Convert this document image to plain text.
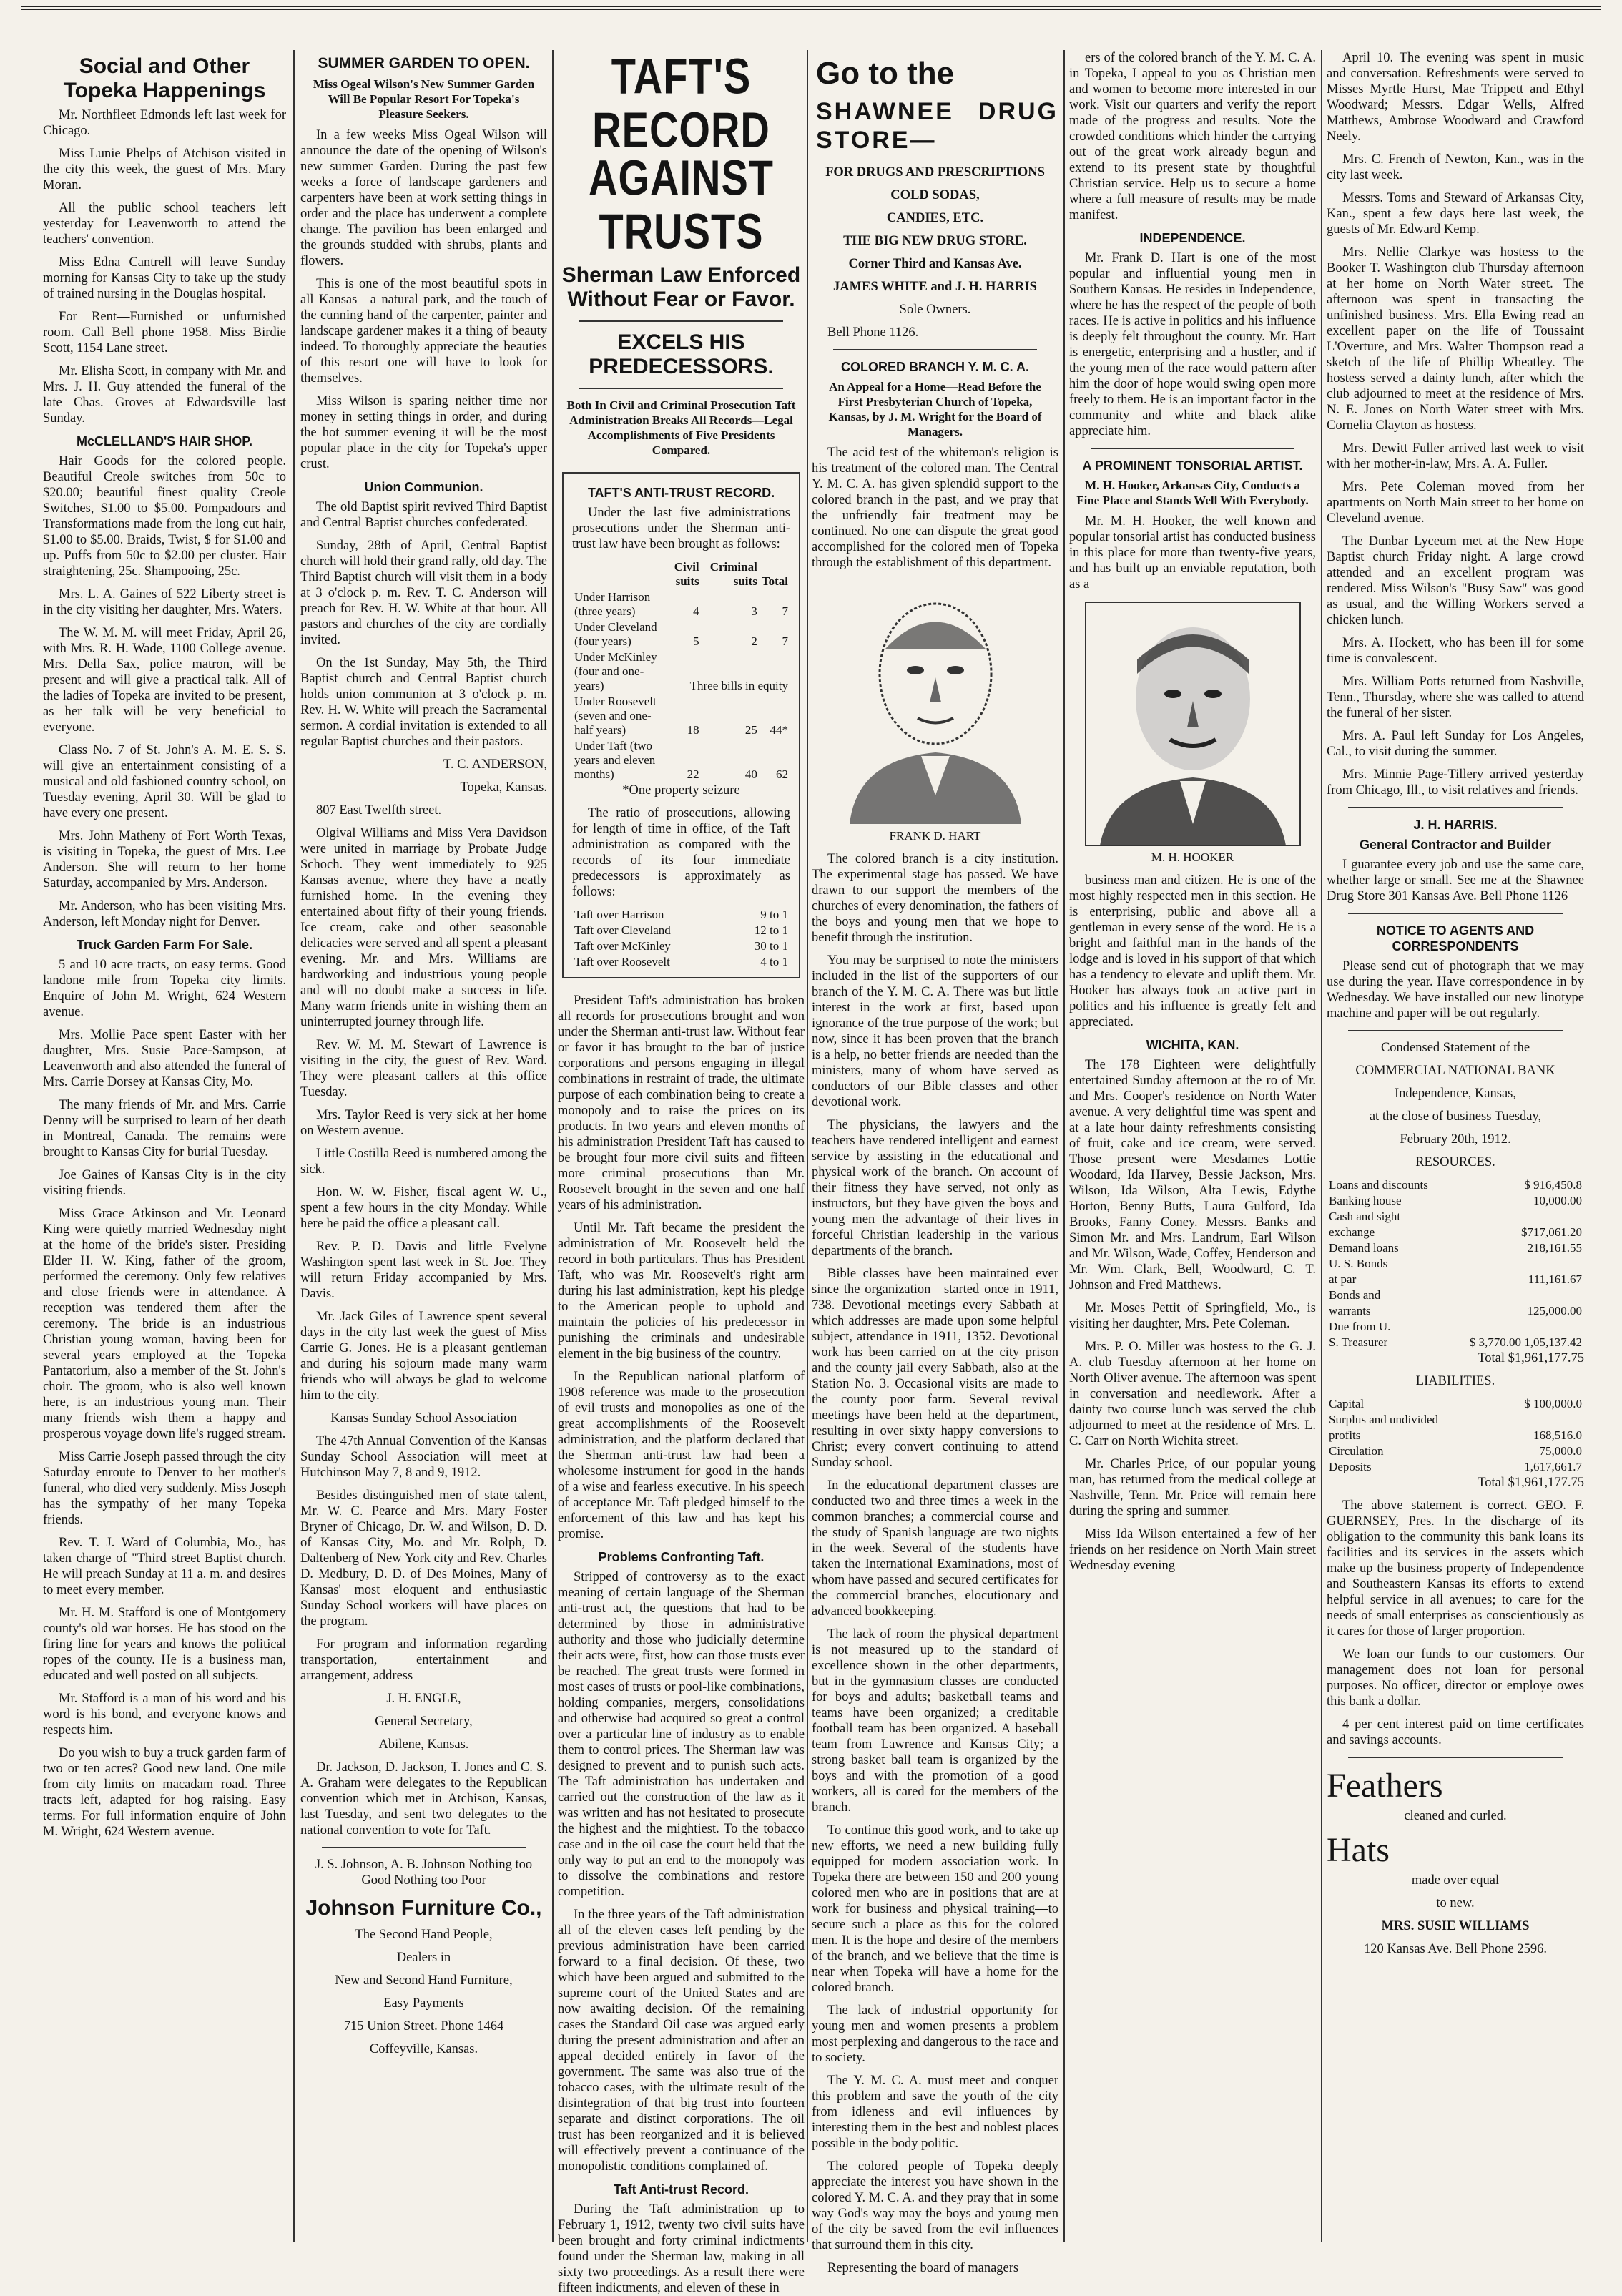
Social and Other Topeka Happenings

Mr. Northfleet Edmonds left last week for Chicago.

Miss Lunie Phelps of Atchison visited in the city this week, the guest of Mrs. Mary Moran.

All the public school teachers left yesterday for Leavenworth to attend the teachers' convention.

Miss Edna Cantrell will leave Sunday morning for Kansas City to take up the study of trained nursing in the Douglas hospital.

For Rent—Furnished or unfurnished room. Call Bell phone 1958. Miss Birdie Scott, 1154 Lane street.

Mr. Elisha Scott, in company with Mr. and Mrs. J. H. Guy attended the funeral of the late Chas. Groves at Edwardsville last Sunday.

McCLELLAND'S HAIR SHOP.

Hair Goods for the colored people. Beautiful Creole switches from 50c to $20.00; beautiful finest quality Creole Switches, $1.00 to $5.00. Pompadours and Transformations made from the long cut hair, $1.00 to $5.00. Braids, Twist, $ for $1.00 and up. Puffs from 50c to $2.00 per cluster. Hair straightening, 25c. Shampooing, 25c.

Mrs. L. A. Gaines of 522 Liberty street is in the city visiting her daughter, Mrs. Waters.

The W. M. M. will meet Friday, April 26, with Mrs. R. H. Wade, 1100 College avenue. Mrs. Della Sax, police matron, will be present and will give a practical talk. All of the ladies of Topeka are invited to be present, as her talk will be very beneficial to everyone.

Class No. 7 of St. John's A. M. E. S. S. will give an entertainment consisting of a musical and old fashioned country school, on Tuesday evening, April 30. Will be glad to have every one present.

Mrs. John Matheny of Fort Worth Texas, is visiting in Topeka, the guest of Mrs. Lee Anderson. She will return to her home Saturday, accompanied by Mrs. Anderson.

Mr. Anderson, who has been visiting Mrs. Anderson, left Monday night for Denver.

Truck Garden Farm For Sale.

5 and 10 acre tracts, on easy terms. Good landone mile from Topeka city limits. Enquire of John M. Wright, 624 Western avenue.

Mrs. Mollie Pace spent Easter with her daughter, Mrs. Susie Pace-Sampson, at Leavenworth and also attended the funeral of Mrs. Carrie Dorsey at Kansas City, Mo.

The many friends of Mr. and Mrs. Carrie Denny will be surprised to learn of her death in Montreal, Canada. The remains were brought to Kansas City for burial Tuesday.

Joe Gaines of Kansas City is in the city visiting friends.

Miss Grace Atkinson and Mr. Leonard King were quietly married Wednesday night at the home of the bride's sister. Presiding Elder H. W. King, father of the groom, performed the ceremony. Only few relatives and close friends were in attendance. A reception was tendered them after the ceremony. The bride is an industrious Christian young woman, having been for several years employed at the Topeka Pantatorium, also a member of the St. John's choir. The groom, who is also well known here, is an industrious young man. Their many friends wish them a happy and prosperous voyage down life's rugged stream.

Miss Carrie Joseph passed through the city Saturday enroute to Denver to her mother's funeral, who died very suddenly. Miss Joseph has the sympathy of her many Topeka friends.

Rev. T. J. Ward of Columbia, Mo., has taken charge of "Third street Baptist church. He will preach Sunday at 11 a. m. and desires to meet every member.

Mr. H. M. Stafford is one of Montgomery county's old war horses. He has stood on the firing line for years and knows the political ropes of the county. He is a business man, educated and well posted on all subjects.

Mr. Stafford is a man of his word and his word is his bond, and everyone knows and respects him.

Do you wish to buy a truck garden farm of two or ten acres? Good new land. One mile from city limits on macadam road. Three tracts left, adapted for hog raising. Easy terms. For full information enquire of John M. Wright, 624 Western avenue.

SUMMER GARDEN TO OPEN.
Miss Ogeal Wilson's New Summer Garden Will Be Popular Resort For Topeka's Pleasure Seekers.

In a few weeks Miss Ogeal Wilson will announce the date of the opening of Wilson's new summer Garden. During the past few weeks a force of landscape gardeners and carpenters have been at work setting things in order and the place has underwent a complete change. The pavilion has been enlarged and the grounds studded with shrubs, plants and flowers.

This is one of the most beautiful spots in all Kansas—a natural park, and the touch of the cunning hand of the carpenter, painter and landscape gardener makes it a thing of beauty indeed. To thoroughly appreciate the beauties of this resort one will have to look for themselves.

Miss Wilson is sparing neither time nor money in setting things in order, and during the hot summer evening it will be the most popular place in the city for Topeka's upper crust.

Union Communion.

The old Baptist spirit revived Third Baptist and Central Baptist churches confederated.

Sunday, 28th of April, Central Baptist church will hold their grand rally, old day. The Third Baptist church will visit them in a body at 3 o'clock p. m. Rev. T. C. Anderson will preach for Rev. H. W. White at that hour. All pastors and churches of the city are cordially invited.

On the 1st Sunday, May 5th, the Third Baptist church and Central Baptist church holds union communion at 3 o'clock p. m. Rev. H. W. White will preach the Sacramental sermon. A cordial invitation is extended to all regular Baptist churches and their pastors.

T. C. ANDERSON,

Topeka, Kansas.

807 East Twelfth street.

Olgival Williams and Miss Vera Davidson were united in marriage by Probate Judge Schoch. They went immediately to 925 Kansas avenue, where they have a neatly furnished home. In the evening they entertained about fifty of their young friends. Ice cream, cake and other seasonable delicacies were served and all spent a pleasant evening. Mr. and Mrs. Williams are hardworking and industrious young people and will no doubt make a success in life. Many warm friends unite in wishing them an uninterrupted journey through life.

Rev. W. M. M. Stewart of Lawrence is visiting in the city, the guest of Rev. Ward. They were pleasant callers at this office Tuesday.

Mrs. Taylor Reed is very sick at her home on Western avenue.

Little Costilla Reed is numbered among the sick.

Hon. W. W. Fisher, fiscal agent W. U., spent a few hours in the city Monday. While here he paid the office a pleasant call.

Rev. P. D. Davis and little Evelyne Washington spent last week in St. Joe. They will return Friday accompanied by Mrs. Davis.

Mr. Jack Giles of Lawrence spent several days in the city last week the guest of Miss Carrie G. Jones. He is a pleasant gentleman and during his sojourn made many warm friends who will always be glad to welcome him to the city.

Kansas Sunday School Association

The 47th Annual Convention of the Kansas Sunday School Association will meet at Hutchinson May 7, 8 and 9, 1912.

Besides distinguished men of state talent, Mr. W. C. Pearce and Mrs. Mary Foster Bryner of Chicago, Dr. W. and Wilson, D. D. of Kansas City, Mo. and Mr. Rolph, D. Daltenberg of New York city and Rev. Charles D. Medbury, D. D. of Des Moines, Many of Kansas' most eloquent and enthusiastic Sunday School workers will have places on the program.

For program and information regarding transportation, entertainment and arrangement, address

J. H. ENGLE,

General Secretary,

Abilene, Kansas.

Dr. Jackson, D. Jackson, T. Jones and C. S. A. Graham were delegates to the Republican convention which met in Atchison, Kansas, last Tuesday, and sent two delegates to the national convention to vote for Taft.

J. S. Johnson, A. B. Johnson Nothing too Good Nothing too Poor

Johnson Furniture Co.,

The Second Hand People,

Dealers in

New and Second Hand Furniture,

Easy Payments

715 Union Street. Phone 1464

Coffeyville, Kansas.

TAFT'S RECORD
AGAINST TRUSTS
Sherman Law Enforced Without Fear or Favor.
EXCELS HIS PREDECESSORS.
Both In Civil and Criminal Prosecution Taft Administration Breaks All Records—Legal Accomplishments of Five Presidents Compared.
TAFT'S ANTI-TRUST RECORD.

Under the last five administrations prosecutions under the Sherman anti-trust law have been brought as follows:

	Civil suits	Criminal suits	Total
Under Harrison (three years)	4	3	7
Under Cleveland (four years)	5	2	7
Under McKinley (four and one-years)	Three bills in equity		
Under Roosevelt (seven and one-half years)	18	25	44*
Under Taft (two years and eleven months)	22	40	62

*One property seizure

The ratio of prosecutions, allowing for length of time in office, of the Taft administration as compared with the records of its four immediate predecessors is approximately as follows:

Taft over Harrison	9 to 1
Taft over Cleveland	12 to 1
Taft over McKinley	30 to 1
Taft over Roosevelt	4 to 1

President Taft's administration has broken all records for prosecutions brought and won under the Sherman anti-trust law. Without fear or favor it has brought to the bar of justice corporations and persons engaging in illegal combinations in restraint of trade, the ultimate purpose of each combination being to create a monopoly and to raise the prices on its products. In two years and eleven months of his administration President Taft has caused to be brought four more civil suits and fifteen more criminal prosecutions than Mr. Roosevelt brought in the seven and one half years of his administration.

Until Mr. Taft became the president the administration of Mr. Roosevelt held the record in both particulars. Thus has President Taft, who was Mr. Roosevelt's right arm during his last administration, kept his pledge to the American people to uphold and maintain the policies of his predecessor in punishing the criminals and undesirable element in the big business of the country.

In the Republican national platform of 1908 reference was made to the prosecution of evil trusts and monopolies as one of the great accomplishments of the Roosevelt administration, and the platform declared that the Sherman anti-trust law had been a wholesome instrument for good in the hands of a wise and fearless executive. In his speech of acceptance Mr. Taft pledged himself to the enforcement of this law and has kept his promise.

Problems Confronting Taft.

Stripped of controversy as to the exact meaning of certain language of the Sherman anti-trust act, the questions that had to be determined by those in administrative authority and those who judicially determine their acts were, first, how can those trusts ever be reached. The great trusts were formed in most cases of trusts or pool-like combinations, holding companies, mergers, consolidations and otherwise had acquired so great a control over a particular line of industry as to enable them to control prices. The Sherman law was designed to prevent and to punish such acts. The Taft administration has undertaken and carried out the construction of the law as it was written and has not hesitated to prosecute the highest and the mightiest. To the tobacco case and in the oil case the court held that the only way to put an end to the monopoly was to dissolve the combinations and restore competition.

In the three years of the Taft administration all of the eleven cases left pending by the previous administration have been carried forward to a final decision. Of these, two which have been argued and submitted to the supreme court of the United States and are now awaiting decision. Of the remaining cases the Standard Oil case was argued early during the present administration and after an appeal decided entirely in favor of the government. The same was also true of the tobacco cases, with the ultimate result of the disintegration of that big trust into fourteen separate and distinct corporations. The oil trust has been reorganized and it is believed will effectively prevent a continuance of the monopolistic conditions complained of.

Taft Anti-trust Record.

During the Taft administration up to February 1, 1912, twenty two civil suits have been brought and forty criminal indictments found under the Sherman law, making in all sixty two proceedings. As a result there were fifteen indictments, and eleven of these in

Go to the
SHAWNEE DRUG STORE—

FOR DRUGS AND PRESCRIPTIONS

COLD SODAS,

CANDIES, ETC.

THE BIG NEW DRUG STORE.

Corner Third and Kansas Ave.

JAMES WHITE and J. H. HARRIS

Sole Owners.

Bell Phone 1126.

COLORED BRANCH Y. M. C. A.
An Appeal for a Home—Read Before the First Presbyterian Church of Topeka, Kansas, by J. M. Wright for the Board of Managers.

The acid test of the whiteman's religion is his treatment of the colored man. The Central Y. M. C. A. has given splendid support to the colored branch in the past, and we pray that the unfriendly fair treatment may be continued. No one can dispute the great good accomplished for the colored men of Topeka through the establishment of this department.

FRANK D. HART

The colored branch is a city institution. The experimental stage has passed. We have drawn to our support the members of the churches of every denomination, the fathers of the boys and young men that we hope to benefit through the institution.

You may be surprised to note the ministers included in the list of the supporters of our branch of the Y. M. C. A. There was but little interest in the work at first, based upon ignorance of the true purpose of the work; but now, since it has been proven that the branch is a help, no better friends are needed than the ministers, many of whom have served as conductors of our Bible classes and other devotional work.

The physicians, the lawyers and the teachers have rendered intelligent and earnest service by assisting in the educational and physical work of the branch. On account of their fitness they have served, not only as instructors, but they have given the boys and young men the advantage of their lives in forceful Christian leadership in the various departments of the branch.

Bible classes have been maintained ever since the organization—started once in 1911, 738. Devotional meetings every Sabbath at which addresses are made upon some helpful subject, attendance in 1911, 1352. Devotional work has been carried on at the city prison and the county jail every Sabbath, also at the Station No. 3. Occasional visits are made to the county poor farm. Several revival meetings have been held at the department, resulting in over sixty happy conversions to Christ; every convert continuing to attend Sunday school.

In the educational department classes are conducted two and three times a week in the common branches; a commercial course and the study of Spanish language are two nights in the week. Several of the students have taken the International Examinations, most of whom have passed and secured certificates for the commercial branches, elocutionary and advanced bookkeeping.

The lack of room the physical department is not measured up to the standard of excellence shown in the other departments, but in the gymnasium classes are conducted for boys and adults; basketball teams and teams have been organized; a creditable football team has been organized. A baseball team from Lawrence and Kansas City; a strong basket ball team is organized by the boys and with the promotion of a good workers, all is cared for the members of the branch.

To continue this good work, and to take up new efforts, we need a new building fully equipped for modern association work. In Topeka there are between 150 and 200 young colored men who are in positions that are at work for business and physical training—to secure such a place as this for the colored men. It is the hope and desire of the members of the branch, and we believe that the time is near when Topeka will have a home for the colored branch.

The lack of industrial opportunity for young men and women presents a problem most perplexing and dangerous to the race and to society.

The Y. M. C. A. must meet and conquer this problem and save the youth of the city from idleness and evil influences by interesting them in the best and noblest places possible in the body politic.

The colored people of Topeka deeply appreciate the interest you have shown in the colored Y. M. C. A. and they pray that in some way God's way may the boys and young men of the city be saved from the evil influences that surround them in this city.

Representing the board of managers

ers of the colored branch of the Y. M. C. A. in Topeka, I appeal to you as Christian men and women to become more interested in our work. Visit our quarters and verify the report made of the progress and results. Note the crowded conditions which hinder the carrying out of the great work already begun and extend to its present state by thoughtful Christian service. Help us to secure a home where a full measure of results may be made manifest.

INDEPENDENCE.

Mr. Frank D. Hart is one of the most popular and influential young men in Southern Kansas. He resides in Independence, where he has the respect of the people of both races. He is active in politics and his influence is deeply felt throughout the county. Mr. Hart is energetic, enterprising and a hustler, and if the young men of the race would pattern after him the door of hope would swing open more freely to them. He is an important factor in the community and white and black alike appreciate him.

A PROMINENT TONSORIAL ARTIST.
M. H. Hooker, Arkansas City, Conducts a Fine Place and Stands Well With Everybody.

Mr. M. H. Hooker, the well known and popular tonsorial artist has conducted business in this place for more than twenty-five years, and has built up an enviable reputation, both as a

M. H. HOOKER

business man and citizen. He is one of the most highly respected men in this section. He is enterprising, public and above all a gentleman in every sense of the word. He is a bright and faithful man in the hands of the lodge and is loved in his support of that which has a tendency to elevate and uplift them. Mr. Hooker has always took an active part in politics and his influence is greatly felt and appreciated.

WICHITA, KAN.

The 178 Eighteen were delightfully entertained Sunday afternoon at the ro of Mr. and Mrs. Cooper's residence on North Water avenue. A very delightful time was spent and at a late hour dainty refreshments consisting of fruit, cake and ice cream, were served. Those present were Mesdames Lottie Woodard, Ida Harvey, Bessie Jackson, Mrs. Wilson, Ida Wilson, Alta Lewis, Edythe Horton, Benny Butts, Laura Gulford, Ida Brooks, Fanny Coney. Messrs. Banks and Simon Mr. and Mrs. Landrum, Earl Wilson and Mr. Wilson, Wade, Coffey, Henderson and Mr. Wm. Clark, Bell, Woodward, C. T. Johnson and Fred Matthews.

Mr. Moses Pettit of Springfield, Mo., is visiting her daughter, Mrs. Pete Coleman.

Mrs. P. O. Miller was hostess to the G. J. A. club Tuesday afternoon at her home on North Oliver avenue. The afternoon was spent in conversation and needlework. After a dainty two course lunch was served the club adjourned to meet at the residence of Mrs. L. C. Carr on North Wichita street.

Mr. Charles Price, of our popular young man, has returned from the medical college at Nashville, Tenn. Mr. Price will remain here during the spring and summer.

Miss Ida Wilson entertained a few of her friends on her residence on North Main street Wednesday evening

April 10. The evening was spent in music and conversation. Refreshments were served to Misses Myrtle Hurst, Mae Trippett and Ethyl Woodward; Messrs. Edgar Wells, Alfred Matthews, Ambrose Woodward and Crawford Neely.

Mrs. C. French of Newton, Kan., was in the city last week.

Messrs. Toms and Steward of Arkansas City, Kan., spent a few days here last week, the guests of Mr. Edward Kemp.

Mrs. Nellie Clarkye was hostess to the Booker T. Washington club Thursday afternoon at her home on North Water street. The afternoon was spent in transacting the unfinished business. Mrs. Ella Ewing read an excellent paper on the life of Toussaint L'Overture, and Mrs. Walter Thompson read a sketch of the life of Phillip Wheatley. The hostess served a dainty lunch, after which the club adjourned to meet at the residence of Mrs. N. E. Jones on North Water street with Mrs. Cornelia Clayton as hostess.

Mrs. Dewitt Fuller arrived last week to visit with her mother-in-law, Mrs. A. A. Fuller.

Mrs. Pete Coleman moved from her apartments on North Main street to her home on Cleveland avenue.

The Dunbar Lyceum met at the New Hope Baptist church Friday night. A large crowd attended and an excellent program was rendered. Miss Wilson's "Busy Saw" was good as usual, and the Willing Workers served a chicken lunch.

Mrs. A. Hockett, who has been ill for some time is convalescent.

Mrs. William Potts returned from Nashville, Tenn., Thursday, where she was called to attend the funeral of her sister.

Mrs. A. Paul left Sunday for Los Angeles, Cal., to visit during the summer.

Mrs. Minnie Page-Tillery arrived yesterday from Chicago, Ill., to visit relatives and friends.

J. H. HARRIS.
General Contractor and Builder

I guarantee every job and use the same care, whether large or small. See me at the Shawnee Drug Store 301 Kansas Ave. Bell Phone 1126

NOTICE TO AGENTS AND CORRESPONDENTS

Please send cut of photograph that we may use during the year. Have correspondence in by Wednesday. We have installed our new linotype machine and paper will be out regularly.

Condensed Statement of the

COMMERCIAL NATIONAL BANK

Independence, Kansas,

at the close of business Tuesday,

February 20th, 1912.

RESOURCES.

Loans and discounts	$ 916,450.8
Banking house	10,000.00
Cash and sight	
exchange	$717,061.20
Demand loans	218,161.55
U. S. Bonds	
at par	111,161.67
Bonds and	
warrants	125,000.00
Due from U.	
S. Treasurer	$ 3,770.00 1,05,137.42

Total $1,961,177.75

LIABILITIES.

Capital	$ 100,000.0
Surplus and undivided	
profits	168,516.0
Circulation	75,000.0
Deposits	1,617,661.7

Total $1,961,177.75

The above statement is correct. GEO. F. GUERNSEY, Pres. In the discharge of its obligation to the community this bank loans its facilities and its services in the assets which make up the business property of Independence and Southeastern Kansas its efforts to extend helpful service in all avenues; to care for the needs of small enterprises as conscientiously as it cares for those of larger proportion.

We loan our funds to our customers. Our management does not loan for personal purposes. No officer, director or employe owes this bank a dollar.

4 per cent interest paid on time certificates and savings accounts.

Feathers

cleaned and curled.

Hats

made over equal

to new.

MRS. SUSIE WILLIAMS

120 Kansas Ave. Bell Phone 2596.
